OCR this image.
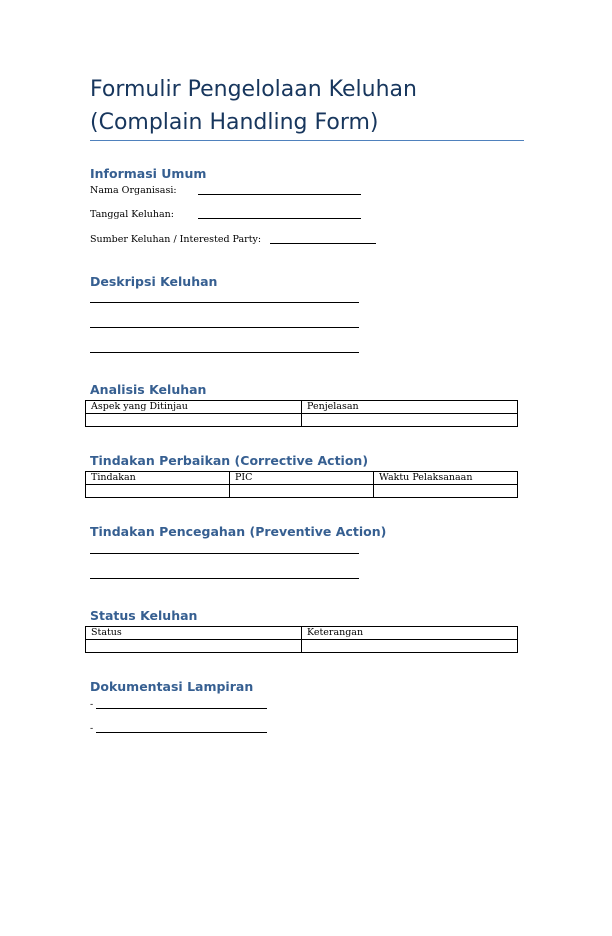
Formulir Pengelolaan Keluhan
(Complain Handling Form)
Informasi Umum
Nama Organisasi:
Tanggal Keluhan:
Sumber Keluhan / Interested Party:
Deskripsi Keluhan
Analisis Keluhan
Aspek yang Ditinjau	Penjelasan

Tindakan Perbaikan (Corrective Action)
Tindakan	PIC	Waktu Pelaksanaan

Tindakan Pencegahan (Preventive Action)
Status Keluhan
Status	Keterangan

Dokumentasi Lampiran
-
-
